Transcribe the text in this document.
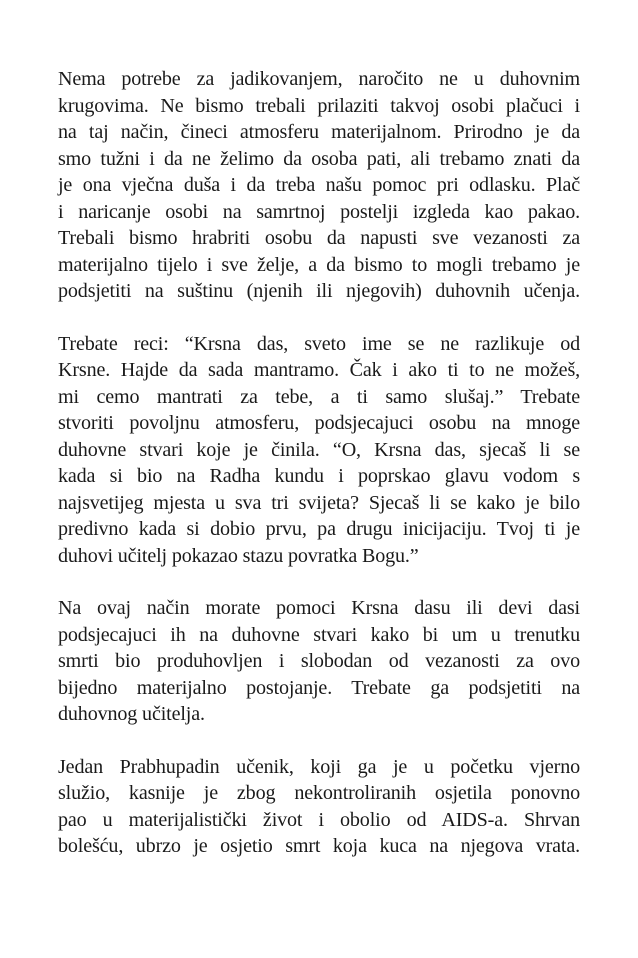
Nema potrebe za jadikovanjem, naročito ne u duhovnim
krugovima. Ne bismo trebali prilaziti takvoj osobi plačuci i
na taj način, čineci atmosferu materijalnom. Prirodno je da
smo tužni i da ne želimo da osoba pati, ali trebamo znati da
je ona vječna duša i da treba našu pomoc pri odlasku. Plač
i naricanje osobi na samrtnoj postelji izgleda kao pakao.
Trebali bismo hrabriti osobu da napusti sve vezanosti za
materijalno tijelo i sve želje, a da bismo to mogli trebamo je
podsjetiti na suštinu (njenih ili njegovih) duhovnih učenja.
Trebate reci: “Krsna das, sveto ime se ne razlikuje od
Krsne. Hajde da sada mantramo. Čak i ako ti to ne možeš,
mi cemo mantrati za tebe, a ti samo slušaj.” Trebate
stvoriti povoljnu atmosferu, podsjecajuci osobu na mnoge
duhovne stvari koje je činila. “O, Krsna das, sjecaš li se
kada si bio na Radha kundu i poprskao glavu vodom s
najsvetijeg mjesta u sva tri svijeta? Sjecaš li se kako je bilo
predivno kada si dobio prvu, pa drugu inicijaciju. Tvoj ti je
duhovi učitelj pokazao stazu povratka Bogu.”
Na ovaj način morate pomoci Krsna dasu ili devi dasi
podsjecajuci ih na duhovne stvari kako bi um u trenutku
smrti bio produhovljen i slobodan od vezanosti za ovo
bijedno materijalno postojanje. Trebate ga podsjetiti na
duhovnog učitelja.
Jedan Prabhupadin učenik, koji ga je u početku vjerno
služio, kasnije je zbog nekontroliranih osjetila ponovno
pao u materijalistički život i obolio od AIDS-a. Shrvan
bolešću, ubrzo je osjetio smrt koja kuca na njegova vrata.
